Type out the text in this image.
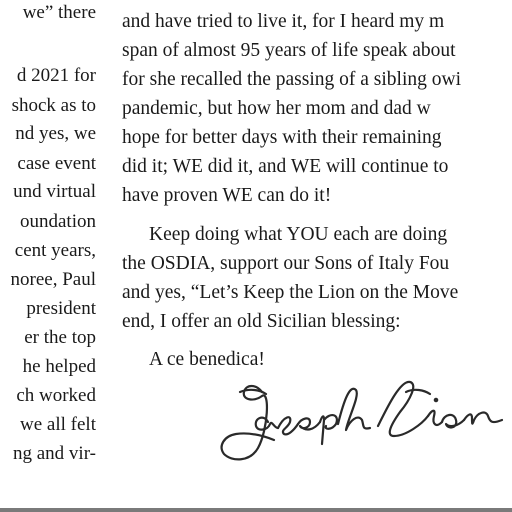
we” there
d 2021 for
shock as to
nd yes, we
case event
und virtual
oundation
cent years,
noree, Paul
president
er the top
he helped
ch worked
we all felt
ng and vir-
and have tried to live it, for I heard my m
span of almost 95 years of life speak about
for she recalled the passing of a sibling owi
pandemic, but how her mom and dad w
hope for better days with their remaining
did it; WE did it, and WE will continue to
have proven WE can do it!
Keep doing what YOU each are doing
the OSDIA, support our Sons of Italy Fou
and yes, “Let’s Keep the Lion on the Move
end, I offer an old Sicilian blessing:
A ce benedica!
